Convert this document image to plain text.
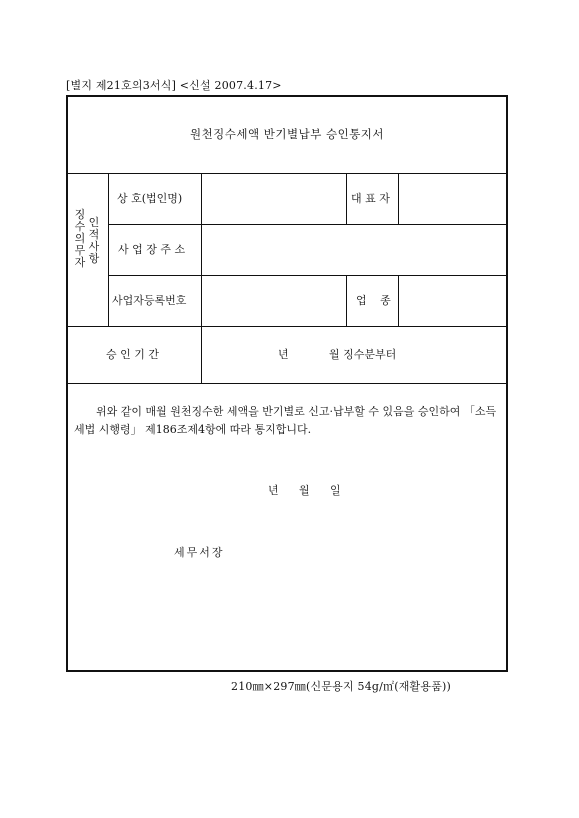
[별지 제21호의3서식] <신설 2007.4.17>
원천징수세액 반기별납부 승인통지서
징수의무자
인적사항
상 호(법인명)	대 표 자
사 업 장 주 소
사업자등록번호	업 종
승 인 기 간	년	월 징수분부터
위와 같이 매월 원천징수한 세액을 반기별로 신고·납부할 수 있음을 승인하여 「소득세법 시행령」 제186조제4항에 따라 통지합니다.
년 월 일
세무서장
210㎜×297㎜(신문용지 54g/㎡(재활용품))
